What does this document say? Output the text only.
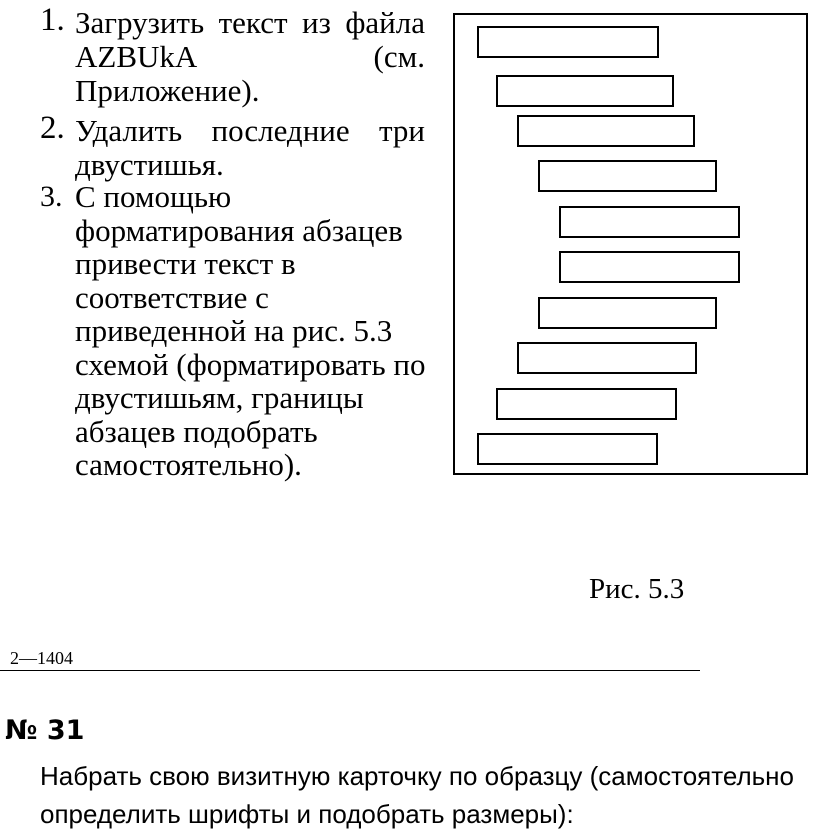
1. Загрузить текст из файла
AZBUkA	(см.
Приложение).
2. Удалить последние три
двустишья.
3. С помощью
форматирования абзацев
привести текст в
соответствие с
приведенной на рис. 5.3
схемой (форматировать по
двустишьям, границы
абзацев подобрать
самостоятельно).
Рис. 5.3
2—1404
№ 31
Набрать свою визитную карточку по образцу (самостоятельно
определить шрифты и подобрать размеры):
